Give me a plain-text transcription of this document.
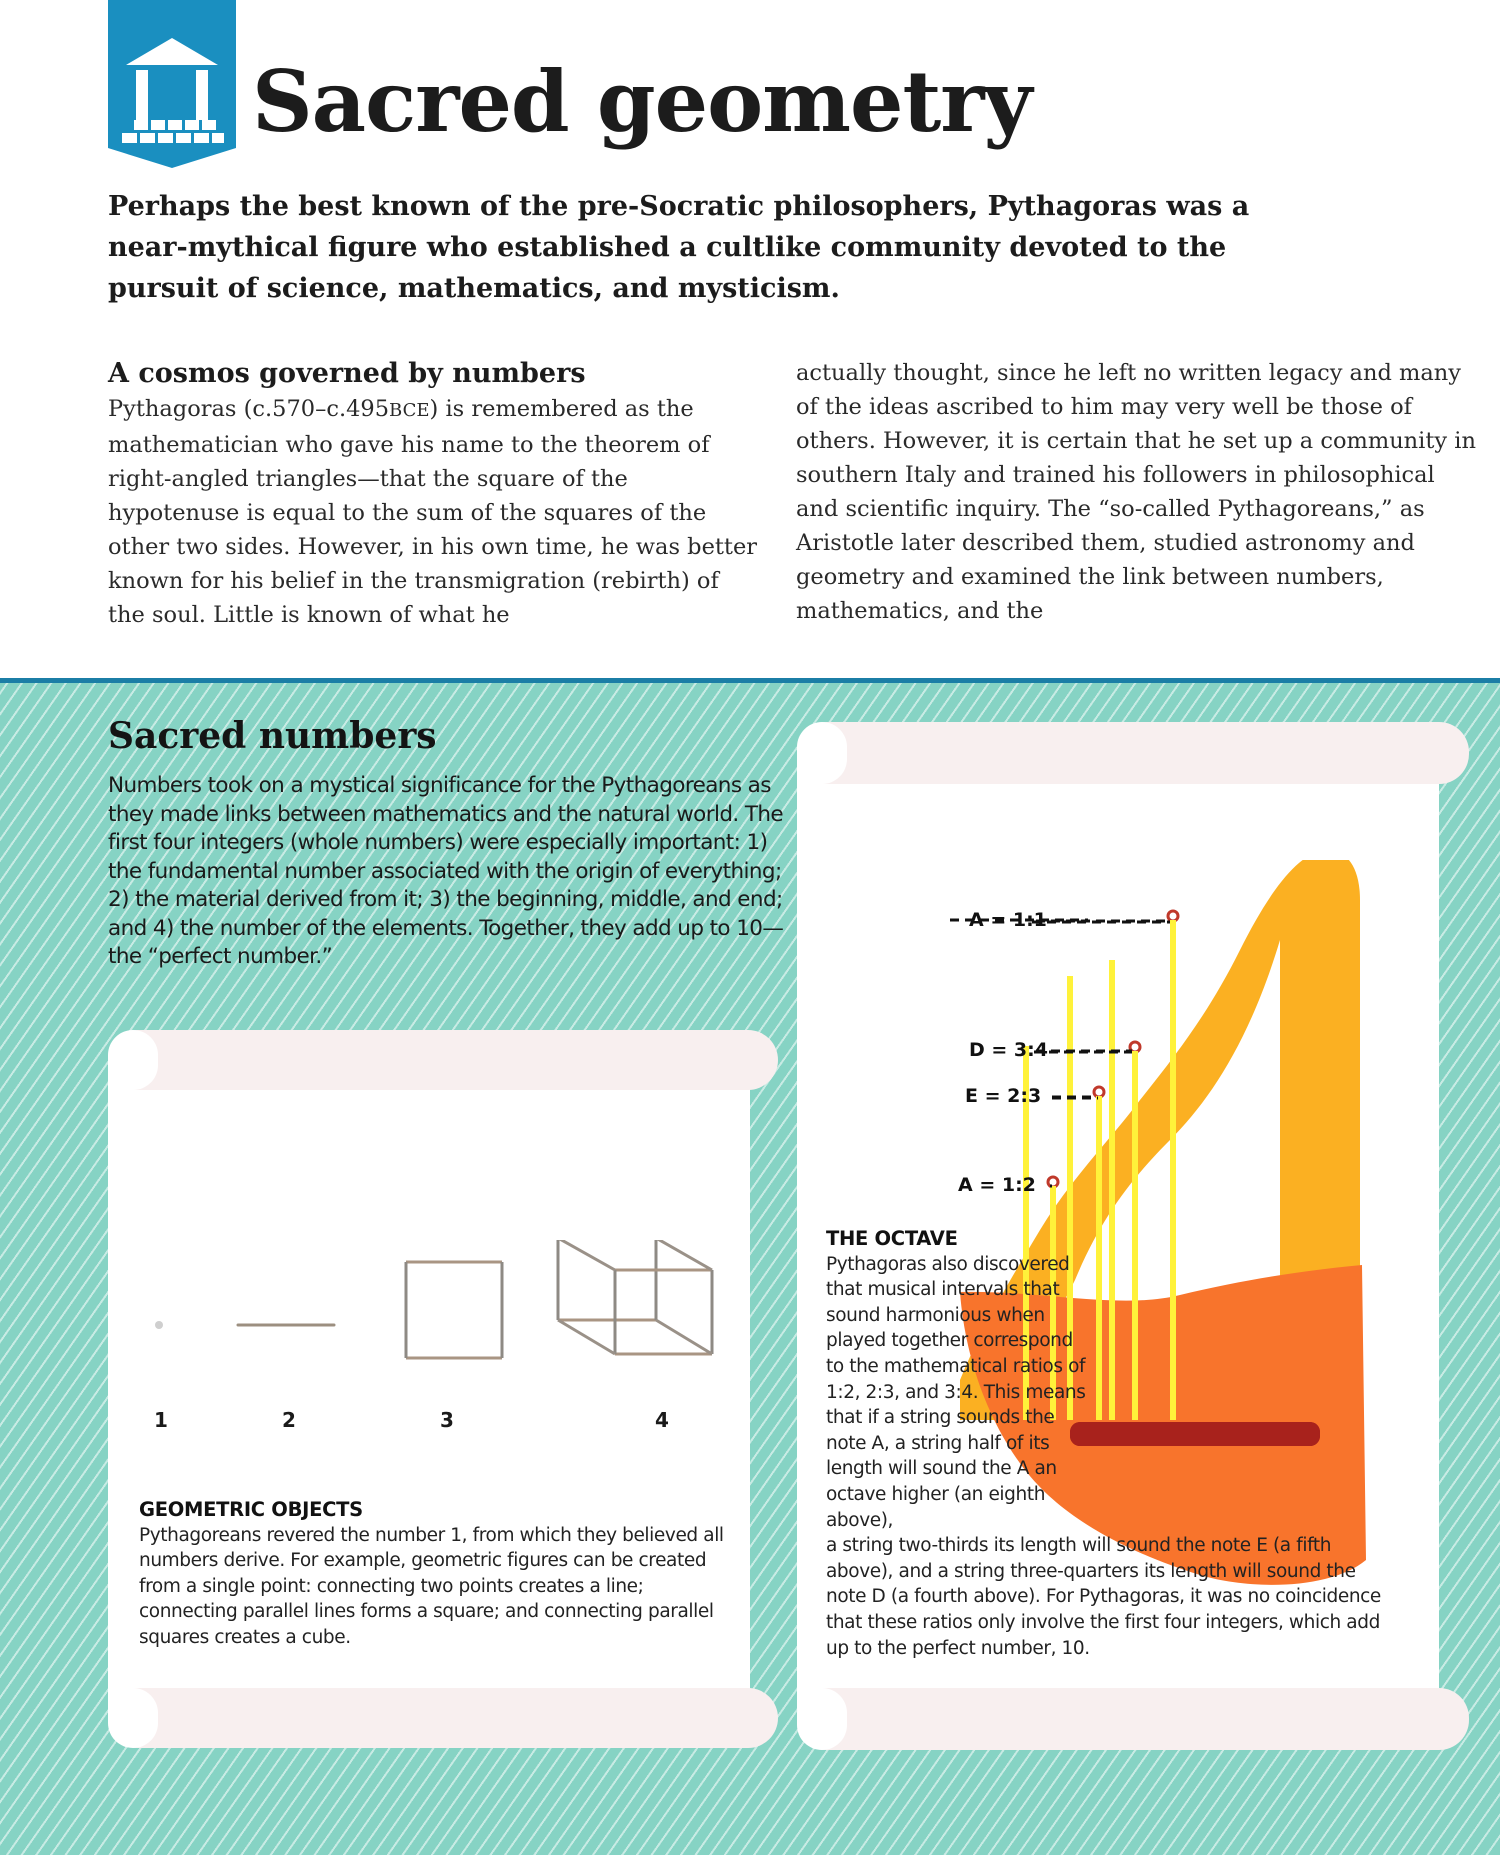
Sacred geometry

Perhaps the best known of the pre-Socratic philosophers, Pythagoras was a near-mythical figure who established a cultlike community devoted to the pursuit of science, mathematics, and mysticism.

A cosmos governed by numbers

Pythagoras (c.570–c.495BCE) is remembered as the mathematician who gave his name to the theorem of right-angled triangles—that the square of the hypotenuse is equal to the sum of the squares of the other two sides. However, in his own time, he was better known for his belief in the transmigration (rebirth) of the soul. Little is known of what he

actually thought, since he left no written legacy and many of the ideas ascribed to him may very well be those of others. However, it is certain that he set up a community in southern Italy and trained his followers in philosophical and scientific inquiry. The “so-called Pythagoreans,” as Aristotle later described them, studied astronomy and geometry and examined the link between numbers, mathematics, and the

Sacred numbers

Numbers took on a mystical significance for the Pythagoreans as they made links between mathematics and the natural world. The first four integers (whole numbers) were especially important: 1) the fundamental number associated with the origin of everything; 2) the material derived from it; 3) the beginning, middle, and end; and 4) the number of the elements. Together, they add up to 10—the “perfect number.”

1	2	3	4
GEOMETRIC OBJECTS

Pythagoreans revered the number 1, from which they believed all numbers derive. For example, geometric figures can be created from a single point: connecting two points creates a line; connecting parallel lines forms a square; and connecting parallel squares creates a cube.

A = 1:1
D = 3:4
E = 2:3
A = 1:2
THE OCTAVE

Pythagoras also discovered that musical intervals that sound harmonious when played together correspond to the mathematical ratios of 1:2, 2:3, and 3:4. This means that if a string sounds the note A, a string half of its length will sound the A an octave higher (an eighth above),

a string two-thirds its length will sound the note E (a fifth above), and a string three-quarters its length will sound the note D (a fourth above). For Pythagoras, it was no coincidence that these ratios only involve the first four integers, which add up to the perfect number, 10.
